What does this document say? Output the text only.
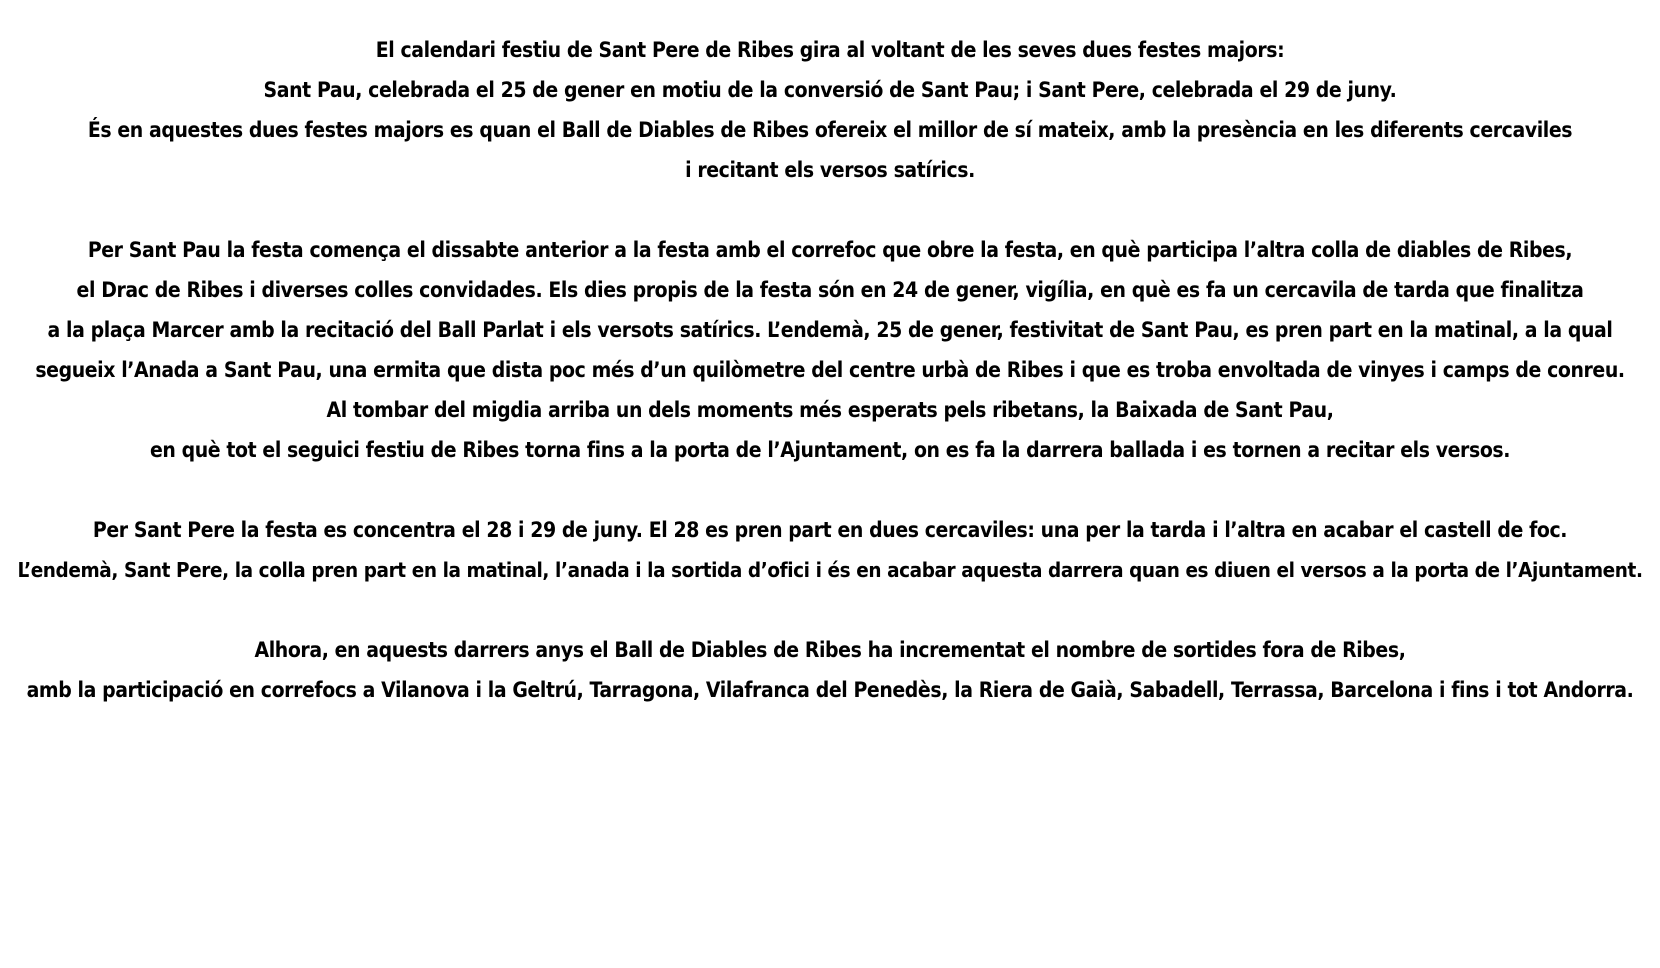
El calendari festiu de Sant Pere de Ribes gira al voltant de les seves dues festes majors:
Sant Pau, celebrada el 25 de gener en motiu de la conversió de Sant Pau; i Sant Pere, celebrada el 29 de juny.
És en aquestes dues festes majors es quan el Ball de Diables de Ribes ofereix el millor de sí mateix, amb la presència en les diferents cercaviles
i recitant els versos satírics.
Per Sant Pau la festa comença el dissabte anterior a la festa amb el correfoc que obre la festa, en què participa l’altra colla de diables de Ribes,
el Drac de Ribes i diverses colles convidades. Els dies propis de la festa són en 24 de gener, vigília, en què es fa un cercavila de tarda que finalitza
a la plaça Marcer amb la recitació del Ball Parlat i els versots satírics. L’endemà, 25 de gener, festivitat de Sant Pau, es pren part en la matinal, a la qual
segueix l’Anada a Sant Pau, una ermita que dista poc més d’un quilòmetre del centre urbà de Ribes i que es troba envoltada de vinyes i camps de conreu.
Al tombar del migdia arriba un dels moments més esperats pels ribetans, la Baixada de Sant Pau,
en què tot el seguici festiu de Ribes torna fins a la porta de l’Ajuntament, on es fa la darrera ballada i es tornen a recitar els versos.
Per Sant Pere la festa es concentra el 28 i 29 de juny. El 28 es pren part en dues cercaviles: una per la tarda i l’altra en acabar el castell de foc.
L’endemà, Sant Pere, la colla pren part en la matinal, l’anada i la sortida d’ofici i és en acabar aquesta darrera quan es diuen el versos a la porta de l’Ajuntament.
Alhora, en aquests darrers anys el Ball de Diables de Ribes ha incrementat el nombre de sortides fora de Ribes,
amb la participació en correfocs a Vilanova i la Geltrú, Tarragona, Vilafranca del Penedès, la Riera de Gaià, Sabadell, Terrassa, Barcelona i fins i tot Andorra.
